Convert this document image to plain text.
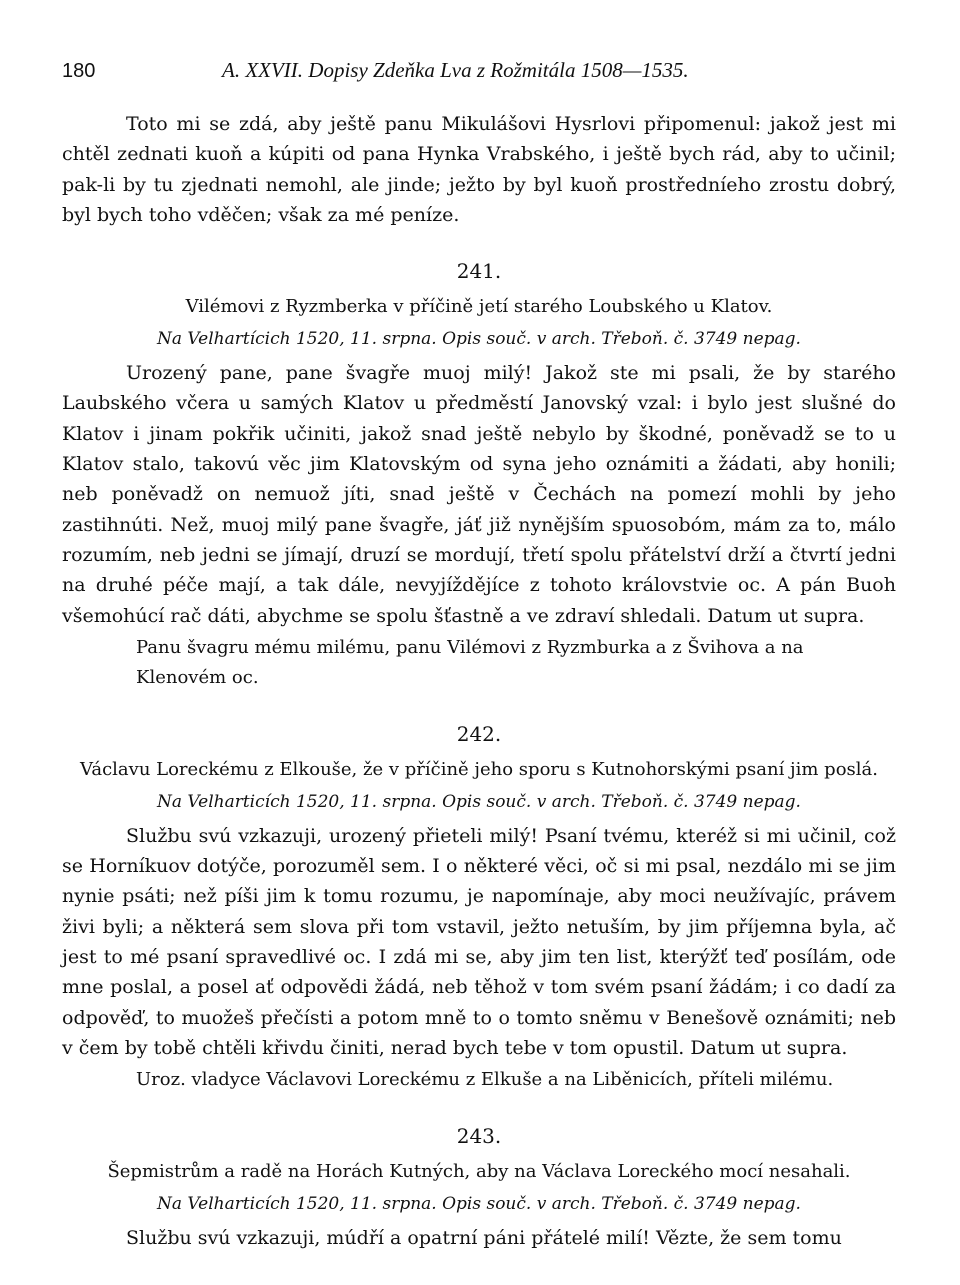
180	A. XXVII. Dopisy Zdeňka Lva z Rožmitála 1508—1535.

Toto mi se zdá, aby ještě panu Mikulášovi Hysrlovi připomenul: jakož jest mi chtěl zednati kuoň a kúpiti od pana Hynka Vrabského, i ještě bych rád, aby to učinil; pak-li by tu zjednati nemohl, ale jinde; ježto by byl kuoň prostředníeho zrostu dobrý, byl bych toho vděčen; však za mé peníze.

241.

Vilémovi z Ryzmberka v příčině jetí starého Loubského u Klatov.

Na Velhartícich 1520, 11. srpna. Opis souč. v arch. Třeboň. č. 3749 nepag.

Urozený pane, pane švagře muoj milý! Jakož ste mi psali, že by starého Laubského včera u samých Klatov u předměstí Janovský vzal: i bylo jest slušné do Klatov i jinam pokřik učiniti, jakož snad ještě nebylo by škodné, poněvadž se to u Klatov stalo, takovú věc jim Klatovským od syna jeho oznámiti a žádati, aby honili; neb poněvadž on nemuož jíti, snad ještě v Čechách na pomezí mohli by jeho zastihnúti. Než, muoj milý pane švagře, jáť již nynějším spuosobóm, mám za to, málo rozumím, neb jedni se jímají, druzí se mordují, třetí spolu přátelství drží a čtvrtí jedni na druhé péče mají, a tak dále, nevyjíždějíce z tohoto královstvie oc. A pán Buoh všemohúcí rač dáti, abychme se spolu šťastně a ve zdraví shledali. Datum ut supra.

Panu švagru mému milému, panu Vilémovi z Ryzmburka a z Švihova a na Klenovém oc.

242.

Václavu Loreckému z Elkouše, že v příčině jeho sporu s Kutnohorskými psaní jim poslá.

Na Velharticích 1520, 11. srpna. Opis souč. v arch. Třeboň. č. 3749 nepag.

Službu svú vzkazuji, urozený přieteli milý! Psaní tvému, kteréž si mi učinil, což se Horníkuov dotýče, porozuměl sem. I o některé věci, oč si mi psal, nezdálo mi se jim nynie psáti; než píši jim k tomu rozumu, je napomínaje, aby moci neužívajíc, právem živi byli; a některá sem slova při tom vstavil, ježto netuším, by jim příjemna byla, ač jest to mé psaní spravedlivé oc. I zdá mi se, aby jim ten list, kterýžť teď posílám, ode mne poslal, a posel ať odpovědi žádá, neb těhož v tom svém psaní žádám; i co dadí za odpověď, to muožeš přečísti a potom mně to o tomto sněmu v Benešově oznámiti; neb v čem by tobě chtěli křivdu činiti, nerad bych tebe v tom opustil. Datum ut supra.

Uroz. vladyce Václavovi Loreckému z Elkuše a na Liběnicích, příteli milému.

243.

Šepmistrům a radě na Horách Kutných, aby na Václava Loreckého mocí nesahali.

Na Velharticích 1520, 11. srpna. Opis souč. v arch. Třeboň. č. 3749 nepag.

Službu svú vzkazuji, múdří a opatrní páni přátelé milí! Vězte, že sem tomu
